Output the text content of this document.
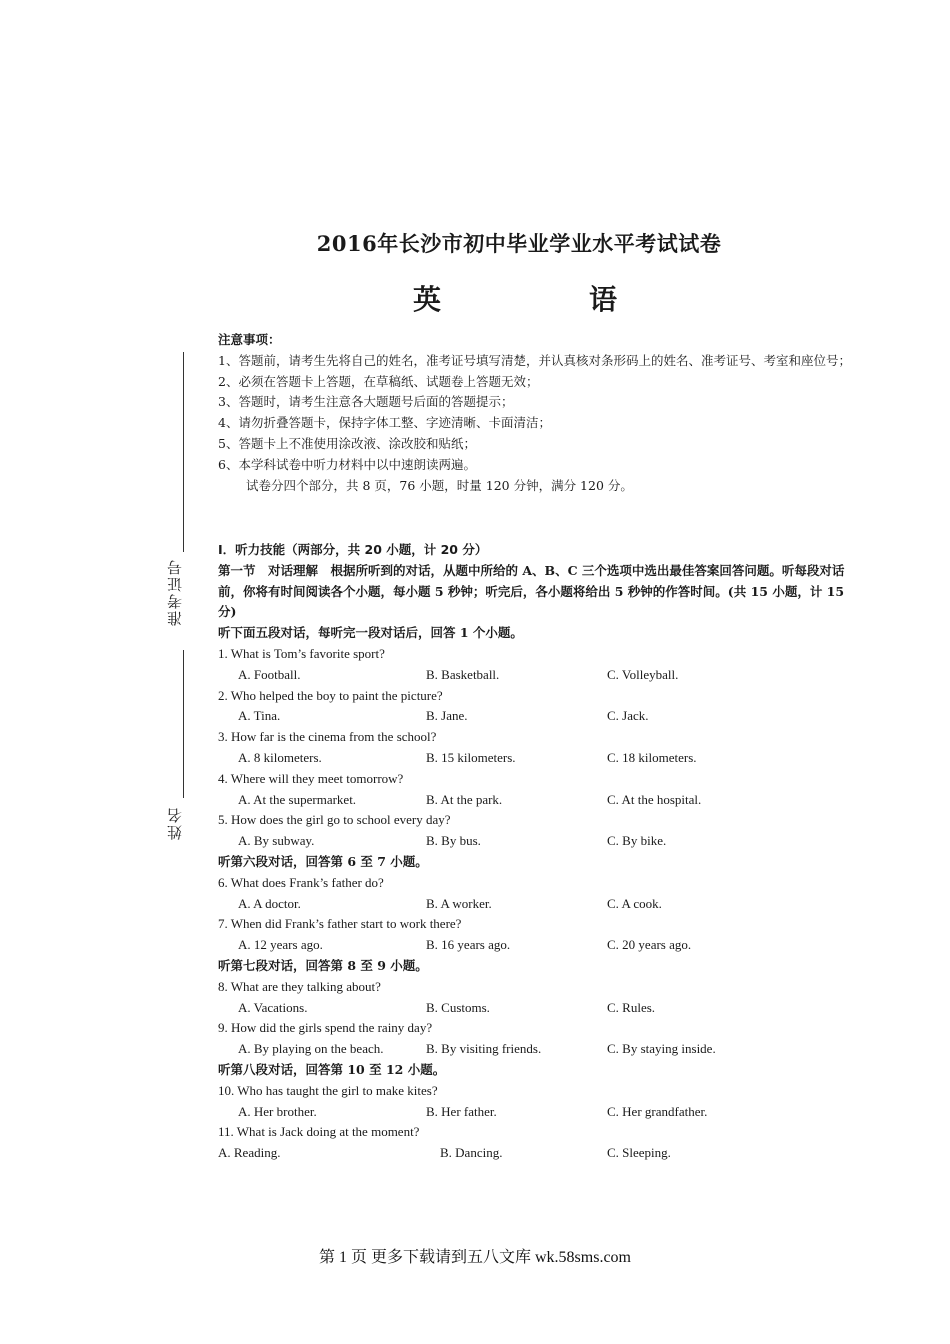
2016年长沙市初中毕业学业水平考试试卷
英　语
准考证号
姓名
注意事项：
1、答题前，请考生先将自己的姓名，准考证号填写清楚，并认真核对条形码上的姓名、准考证号、考室和座位号；
2、必须在答题卡上答题，在草稿纸、试题卷上答题无效；
3、答题时，请考生注意各大题题号后面的答题提示；
4、请勿折叠答题卡，保持字体工整、字迹清晰、卡面清洁；
5、答题卡上不准使用涂改液、涂改胶和贴纸；
6、本学科试卷中听力材料中以中速朗读两遍。
试卷分四个部分，共 8 页，76 小题，时量 120 分钟，满分 120 分。
I．听力技能（两部分，共 20 小题，计 20 分）
第一节　对话理解　根据所听到的对话，从题中所给的 A、B、C 三个选项中选出最佳答案回答问题。听每段对话前，你将有时间阅读各个小题，每小题 5 秒钟；听完后，各小题将给出 5 秒钟的作答时间。(共 15 小题，计 15 分)
听下面五段对话，每听完一段对话后，回答 1 个小题。
1. What is Tom’s favorite sport?
A. Football.	B. Basketball.	C. Volleyball.
2. Who helped the boy to paint the picture?
A. Tina.	B. Jane.	C. Jack.
3. How far is the cinema from the school?
A. 8 kilometers.	B. 15 kilometers.	C. 18 kilometers.
4. Where will they meet tomorrow?
A. At the supermarket.	B. At the park.	C. At the hospital.
5. How does the girl go to school every day?
A. By subway.	B. By bus.	C. By bike.
听第六段对话，回答第 6 至 7 小题。
6. What does Frank’s father do?
A. A doctor.	B. A worker.	C. A cook.
7. When did Frank’s father start to work there?
A. 12 years ago.	B. 16 years ago.	C. 20 years ago.
听第七段对话，回答第 8 至 9 小题。
8. What are they talking about?
A. Vacations.	B. Customs.	C. Rules.
9. How did the girls spend the rainy day?
A. By playing on the beach.	B. By visiting friends.	C. By staying inside.
听第八段对话，回答第 10 至 12 小题。
10. Who has taught the girl to make kites?
A. Her brother.	B. Her father.	C. Her grandfather.
11. What is Jack doing at the moment?
A. Reading.	B. Dancing.	C. Sleeping.
第 1 页 更多下载请到五八文库 wk.58sms.com
